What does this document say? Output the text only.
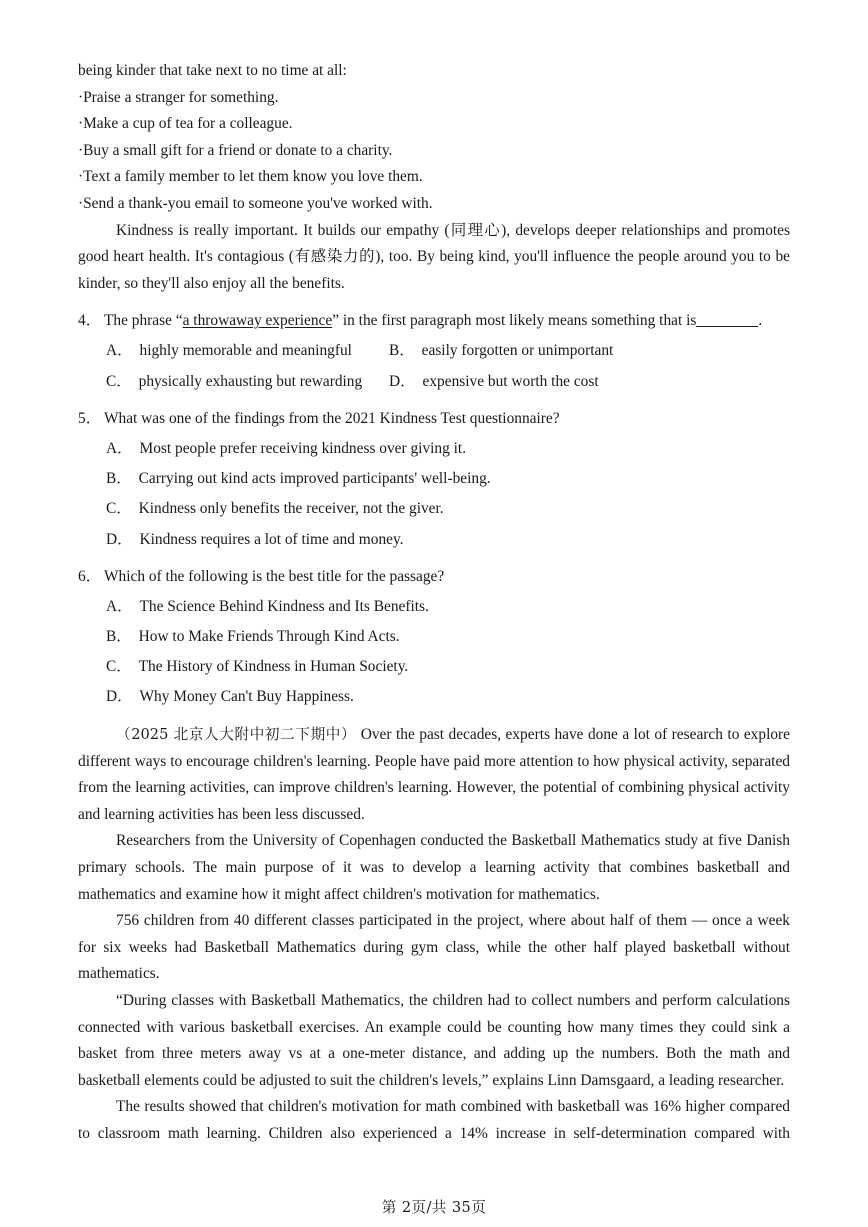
being kinder that take next to no time at all:

·Praise a stranger for something.

·Make a cup of tea for a colleague.

·Buy a small gift for a friend or donate to a charity.

·Text a family member to let them know you love them.

·Send a thank-you email to someone you've worked with.

Kindness is really important. It builds our empathy (同理心), develops deeper relationships and promotes good heart health. It's contagious (有感染力的), too. By being kind, you'll influence the people around you to be kinder, so they'll also enjoy all the benefits.

4． The phrase “a throwaway experience” in the first paragraph most likely means something that is	.
A． highly memorable and meaningful B． easily forgotten or unimportant
C． physically exhausting but rewarding D． expensive but worth the cost
5． What was one of the findings from the 2021 Kindness Test questionnaire?
A． Most people prefer receiving kindness over giving it.
B． Carrying out kind acts improved participants' well-being.
C． Kindness only benefits the receiver, not the giver.
D． Kindness requires a lot of time and money.
6． Which of the following is the best title for the passage?
A． The Science Behind Kindness and Its Benefits.
B． How to Make Friends Through Kind Acts.
C． The History of Kindness in Human Society.
D． Why Money Can't Buy Happiness.

（2025 北京人大附中初二下期中） Over the past decades, experts have done a lot of research to explore different ways to encourage children's learning. People have paid more attention to how physical activity, separated from the learning activities, can improve children's learning. However, the potential of combining physical activity and learning activities has been less discussed.

Researchers from the University of Copenhagen conducted the Basketball Mathematics study at five Danish primary schools. The main purpose of it was to develop a learning activity that combines basketball and mathematics and examine how it might affect children's motivation for mathematics.

756 children from 40 different classes participated in the project, where about half of them — once a week for six weeks had Basketball Mathematics during gym class, while the other half played basketball without mathematics.

“During classes with Basketball Mathematics, the children had to collect numbers and perform calculations connected with various basketball exercises. An example could be counting how many times they could sink a basket from three meters away vs at a one-meter distance, and adding up the numbers. Both the math and basketball elements could be adjusted to suit the children's levels,” explains Linn Damsgaard, a leading researcher.

The results showed that children's motivation for math combined with basketball was 16% higher compared to classroom math learning. Children also experienced a 14% increase in self-determination compared with

第 2页/共 35页
